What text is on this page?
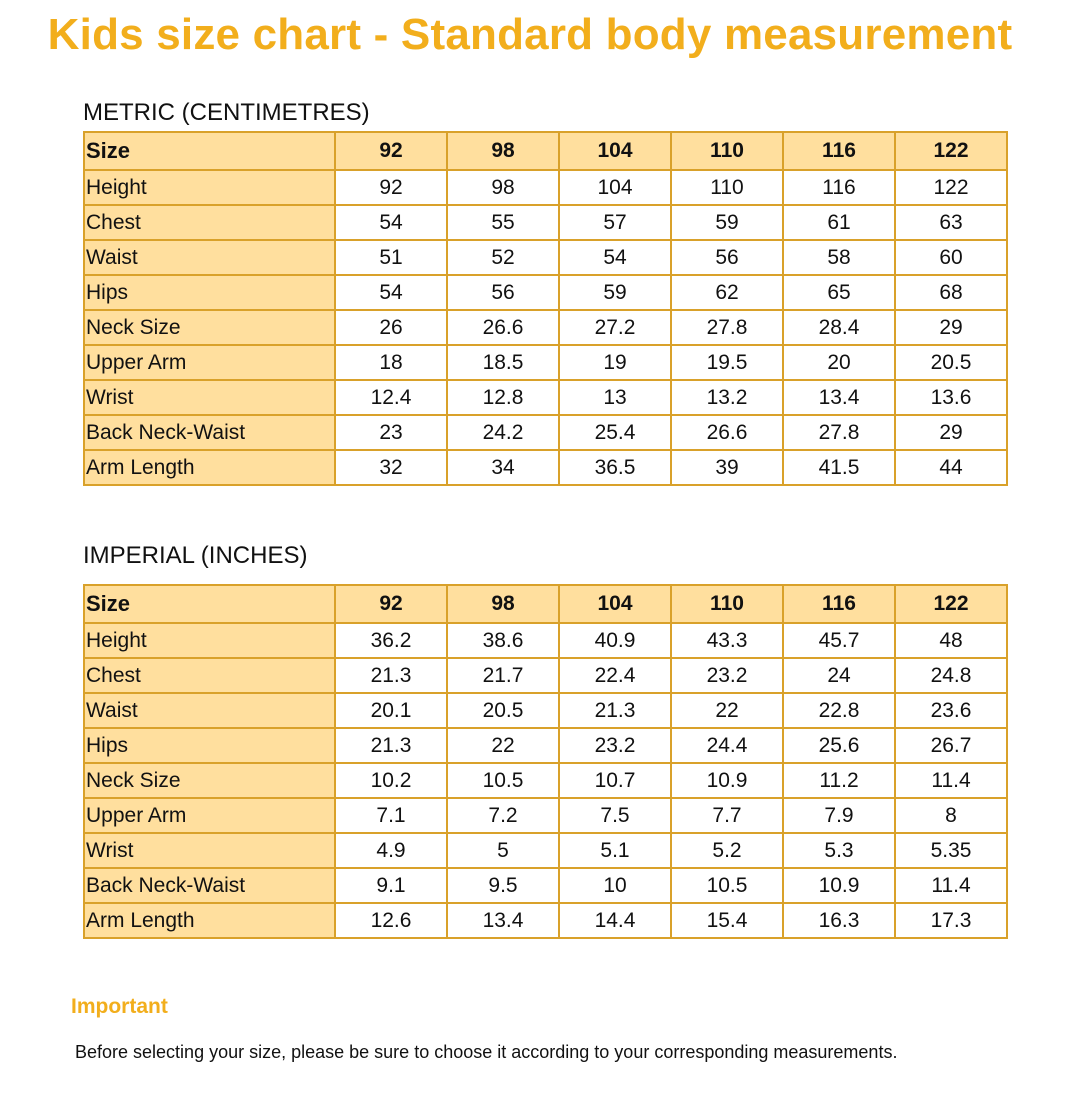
Kids size chart - Standard body measurement
METRIC (CENTIMETRES)
Size	92	98	104	110	116	122
Height	92	98	104	110	116	122
Chest	54	55	57	59	61	63
Waist	51	52	54	56	58	60
Hips	54	56	59	62	65	68
Neck Size	26	26.6	27.2	27.8	28.4	29
Upper Arm	18	18.5	19	19.5	20	20.5
Wrist	12.4	12.8	13	13.2	13.4	13.6
Back Neck-Waist	23	24.2	25.4	26.6	27.8	29
Arm Length	32	34	36.5	39	41.5	44
IMPERIAL (INCHES)
Size	92	98	104	110	116	122
Height	36.2	38.6	40.9	43.3	45.7	48
Chest	21.3	21.7	22.4	23.2	24	24.8
Waist	20.1	20.5	21.3	22	22.8	23.6
Hips	21.3	22	23.2	24.4	25.6	26.7
Neck Size	10.2	10.5	10.7	10.9	11.2	11.4
Upper Arm	7.1	7.2	7.5	7.7	7.9	8
Wrist	4.9	5	5.1	5.2	5.3	5.35
Back Neck-Waist	9.1	9.5	10	10.5	10.9	11.4
Arm Length	12.6	13.4	14.4	15.4	16.3	17.3
Important
Before selecting your size, please be sure to choose it according to your corresponding measurements.
